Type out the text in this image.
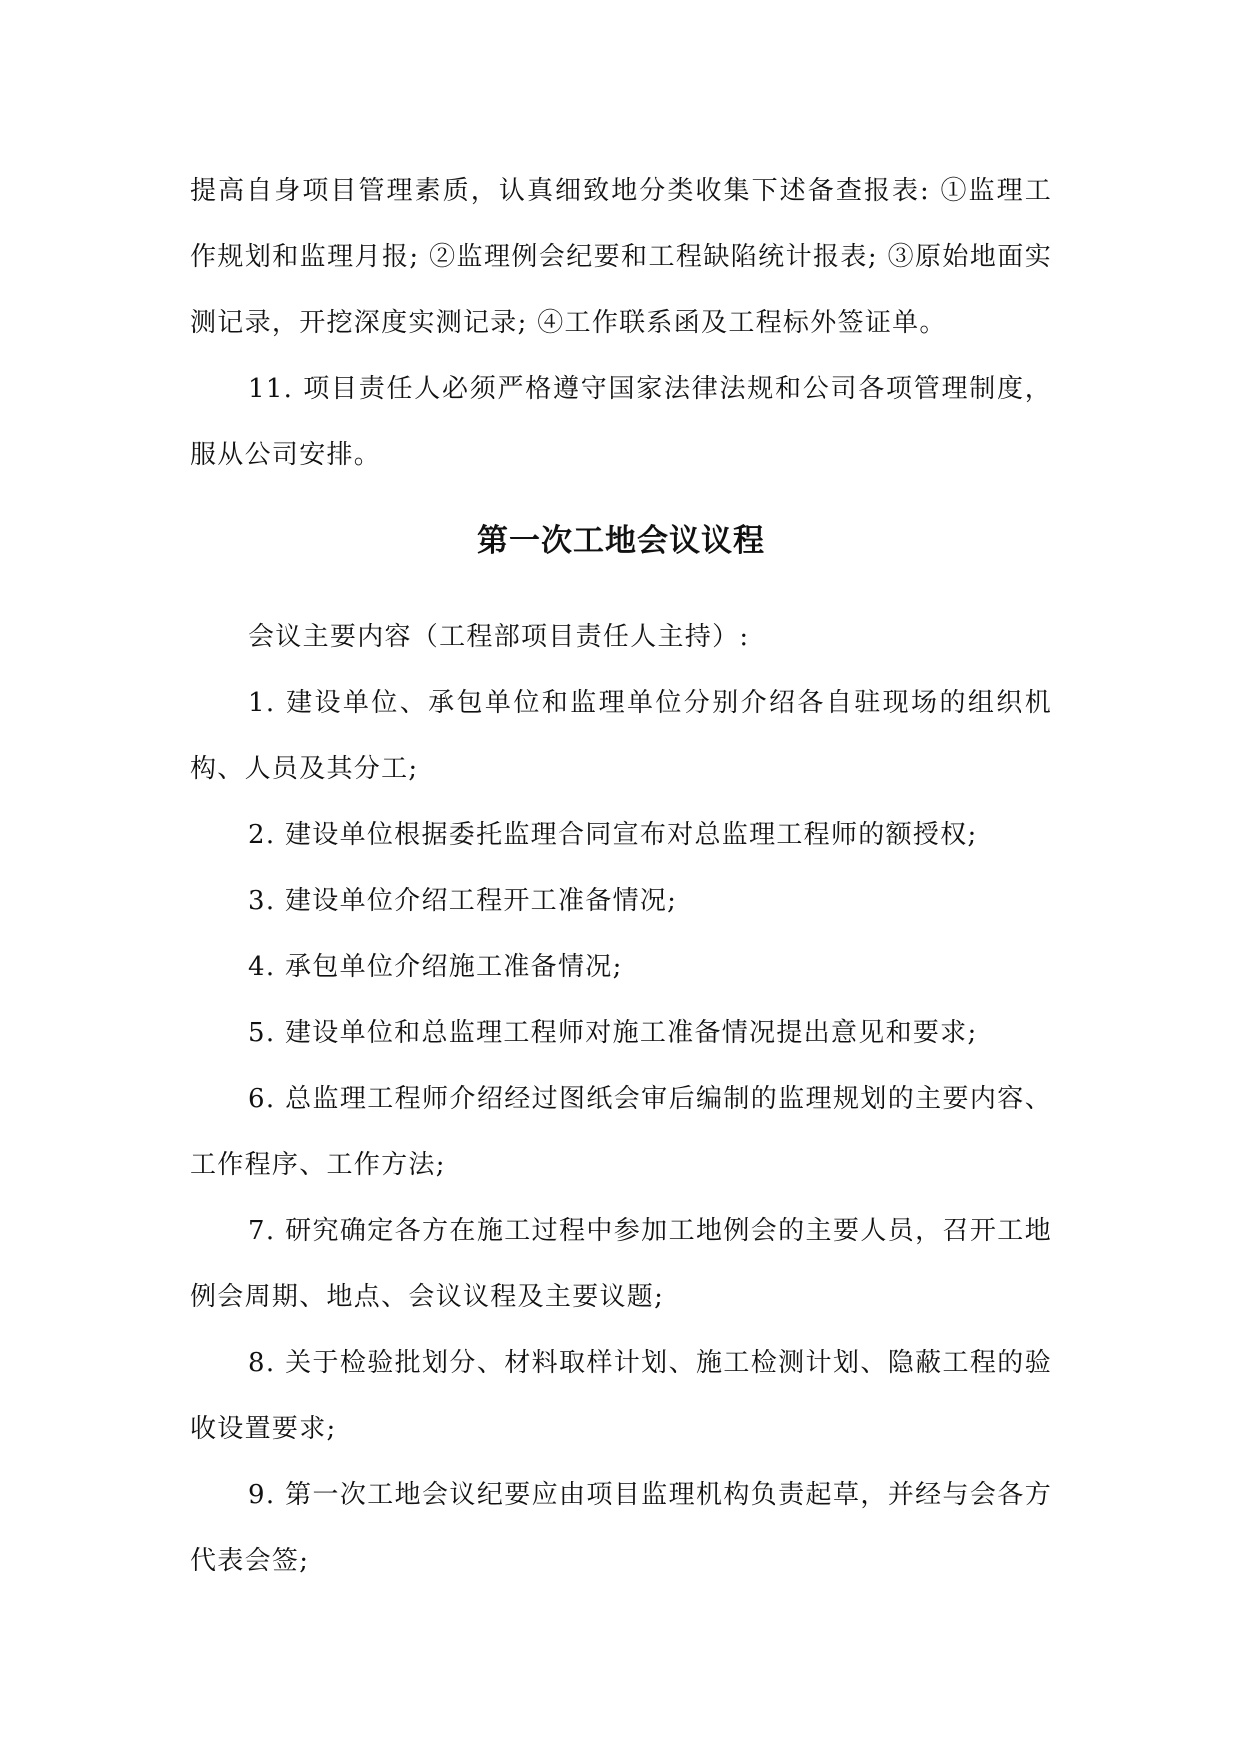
提高自身项目管理素质，认真细致地分类收集下述备查报表: ①监理工作规划和监理月报; ②监理例会纪要和工程缺陷统计报表; ③原始地面实测记录，开挖深度实测记录; ④工作联系函及工程标外签证单。

11. 项目责任人必须严格遵守国家法律法规和公司各项管理制度，服从公司安排。

第一次工地会议议程

会议主要内容（工程部项目责任人主持）:

1. 建设单位、承包单位和监理单位分别介绍各自驻现场的组织机构、人员及其分工;

2. 建设单位根据委托监理合同宣布对总监理工程师的额授权;

3. 建设单位介绍工程开工准备情况;

4. 承包单位介绍施工准备情况;

5. 建设单位和总监理工程师对施工准备情况提出意见和要求;

6. 总监理工程师介绍经过图纸会审后编制的监理规划的主要内容、工作程序、工作方法;

7. 研究确定各方在施工过程中参加工地例会的主要人员，召开工地例会周期、地点、会议议程及主要议题;

8. 关于检验批划分、材料取样计划、施工检测计划、隐蔽工程的验收设置要求;

9. 第一次工地会议纪要应由项目监理机构负责起草，并经与会各方代表会签;
